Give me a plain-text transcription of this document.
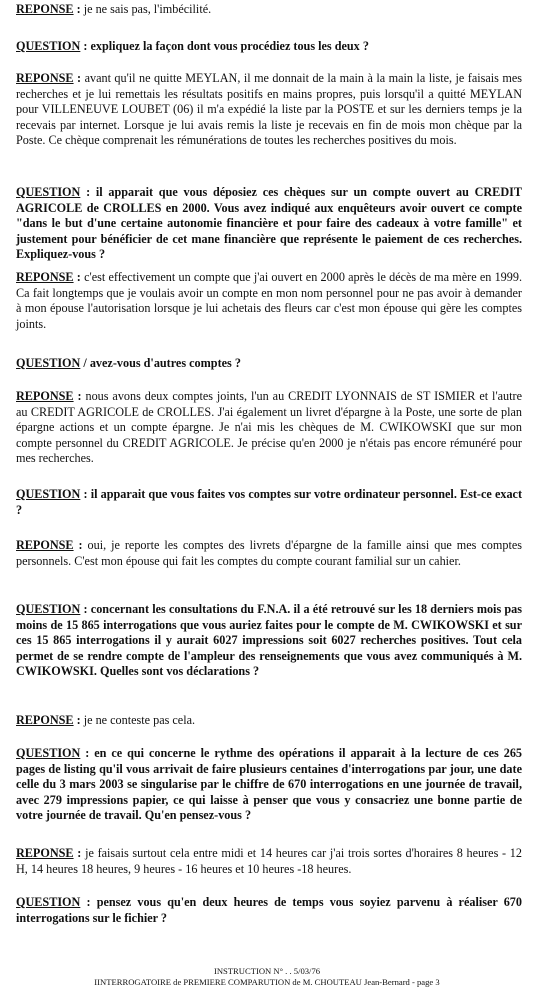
REPONSE : je ne sais pas, l'imbécilité.

QUESTION : expliquez la façon dont vous procédiez tous les deux ?

REPONSE : avant qu'il ne quitte MEYLAN, il me donnait de la main à la main la liste, je faisais mes recherches et je lui remettais les résultats positifs en mains propres, puis lorsqu'il a quitté MEYLAN pour VILLENEUVE LOUBET (06) il m'a expédié la liste par la POSTE et sur les derniers temps je la recevais par internet. Lorsque je lui avais remis la liste je recevais en fin de mois mon chèque par la Poste. Ce chèque comprenait les rémunérations de toutes les recherches positives du mois.

QUESTION : il apparait que vous déposiez ces chèques sur un compte ouvert au CREDIT AGRICOLE de CROLLES en 2000. Vous avez indiqué aux enquêteurs avoir ouvert ce compte "dans le but d'une certaine autonomie financière et pour faire des cadeaux à votre famille" et justement pour bénéficier de cet mane financière que représente le paiement de ces recherches. Expliquez-vous ?

REPONSE : c'est effectivement un compte que j'ai ouvert en 2000 après le décès de ma mère en 1999. Ca fait longtemps que je voulais avoir un compte en mon nom personnel pour ne pas avoir à demander à mon épouse l'autorisation lorsque je lui achetais des fleurs car c'est mon épouse qui gère les comptes joints.

QUESTION / avez-vous d'autres comptes ?

REPONSE : nous avons deux comptes joints, l'un au CREDIT LYONNAIS de ST ISMIER et l'autre au CREDIT AGRICOLE de CROLLES. J'ai également un livret d'épargne à la Poste, une sorte de plan épargne actions et un compte épargne. Je n'ai mis les chèques de M. CWIKOWSKI que sur mon compte personnel du CREDIT AGRICOLE. Je précise qu'en 2000 je n'étais pas encore rémunéré pour mes recherches.

QUESTION : il apparait que vous faites vos comptes sur votre ordinateur personnel. Est-ce exact ?

REPONSE : oui, je reporte les comptes des livrets d'épargne de la famille ainsi que mes comptes personnels. C'est mon épouse qui fait les comptes du compte courant familial sur un cahier.

QUESTION : concernant les consultations du F.N.A. il a été retrouvé sur les 18 derniers mois pas moins de 15 865 interrogations que vous auriez faites pour le compte de M. CWIKOWSKI et sur ces 15 865 interrogations il y aurait 6027 impressions soit 6027 recherches positives. Tout cela permet de se rendre compte de l'ampleur des renseignements que vous avez communiqués à M. CWIKOWSKI. Quelles sont vos déclarations ?

REPONSE : je ne conteste pas cela.

QUESTION : en ce qui concerne le rythme des opérations il apparait à la lecture de ces 265 pages de listing qu'il vous arrivait de faire plusieurs centaines d'interrogations par jour, une date celle du 3 mars 2003 se singularise par le chiffre de 670 interrogations en une journée de travail, avec 279 impressions papier, ce qui laisse à penser que vous y consacriez une bonne partie de votre journée de travail. Qu'en pensez-vous ?

REPONSE : je faisais surtout cela entre midi et 14 heures car j'ai trois sortes d'horaires 8 heures - 12 H, 14 heures 18 heures, 9 heures - 16 heures et 10 heures -18 heures.

QUESTION : pensez vous qu'en deux heures de temps vous soyiez parvenu à réaliser 670 interrogations sur le fichier ?

INSTRUCTION N° . . 5/03/76
IINTERROGATOIRE de PREMIERE COMPARUTION de M. CHOUTEAU Jean-Bernard - page 3
